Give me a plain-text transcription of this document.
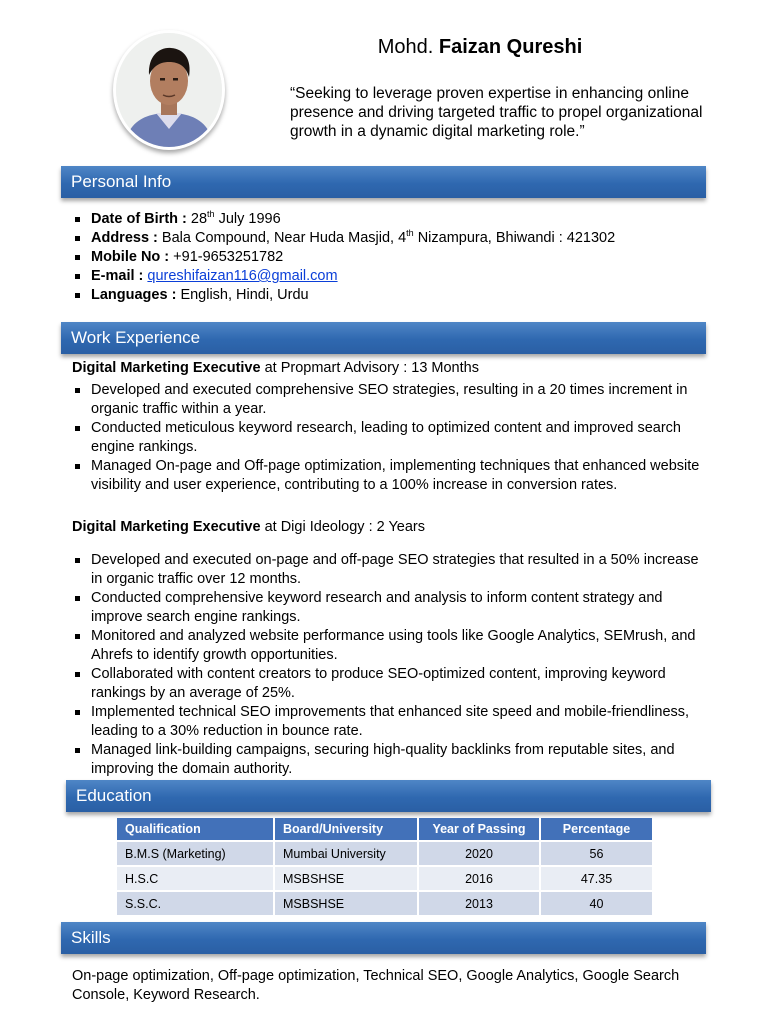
Mohd. Faizan Qureshi
“Seeking to leverage proven expertise in enhancing online presence and driving targeted traffic to propel organizational growth in a dynamic digital marketing role.”
Personal Info
Date of Birth : 28th July 1996
Address : Bala Compound, Near Huda Masjid, 4th Nizampura, Bhiwandi : 421302
Mobile No : +91-9653251782
E-mail : qureshifaizan116@gmail.com
Languages : English, Hindi, Urdu
Work Experience
Digital Marketing Executive at Propmart Advisory : 13 Months
Developed and executed comprehensive SEO strategies, resulting in a 20 times increment in organic traffic within a year.
Conducted meticulous keyword research, leading to optimized content and improved search engine rankings.
Managed On-page and Off-page optimization, implementing techniques that enhanced website visibility and user experience, contributing to a 100% increase in conversion rates.
Digital Marketing Executive at Digi Ideology : 2 Years
Developed and executed on-page and off-page SEO strategies that resulted in a 50% increase in organic traffic over 12 months.
Conducted comprehensive keyword research and analysis to inform content strategy and improve search engine rankings.
Monitored and analyzed website performance using tools like Google Analytics, SEMrush, and Ahrefs to identify growth opportunities.
Collaborated with content creators to produce SEO-optimized content, improving keyword rankings by an average of 25%.
Implemented technical SEO improvements that enhanced site speed and mobile-friendliness, leading to a 30% reduction in bounce rate.
Managed link-building campaigns, securing high-quality backlinks from reputable sites, and improving the domain authority.
Education
Qualification	Board/University	Year of Passing	Percentage
B.M.S (Marketing)	Mumbai University	2020	56
H.S.C	MSBSHSE	2016	47.35
S.S.C.	MSBSHSE	2013	40
Skills
On-page optimization, Off-page optimization, Technical SEO, Google Analytics, Google Search Console, Keyword Research.
